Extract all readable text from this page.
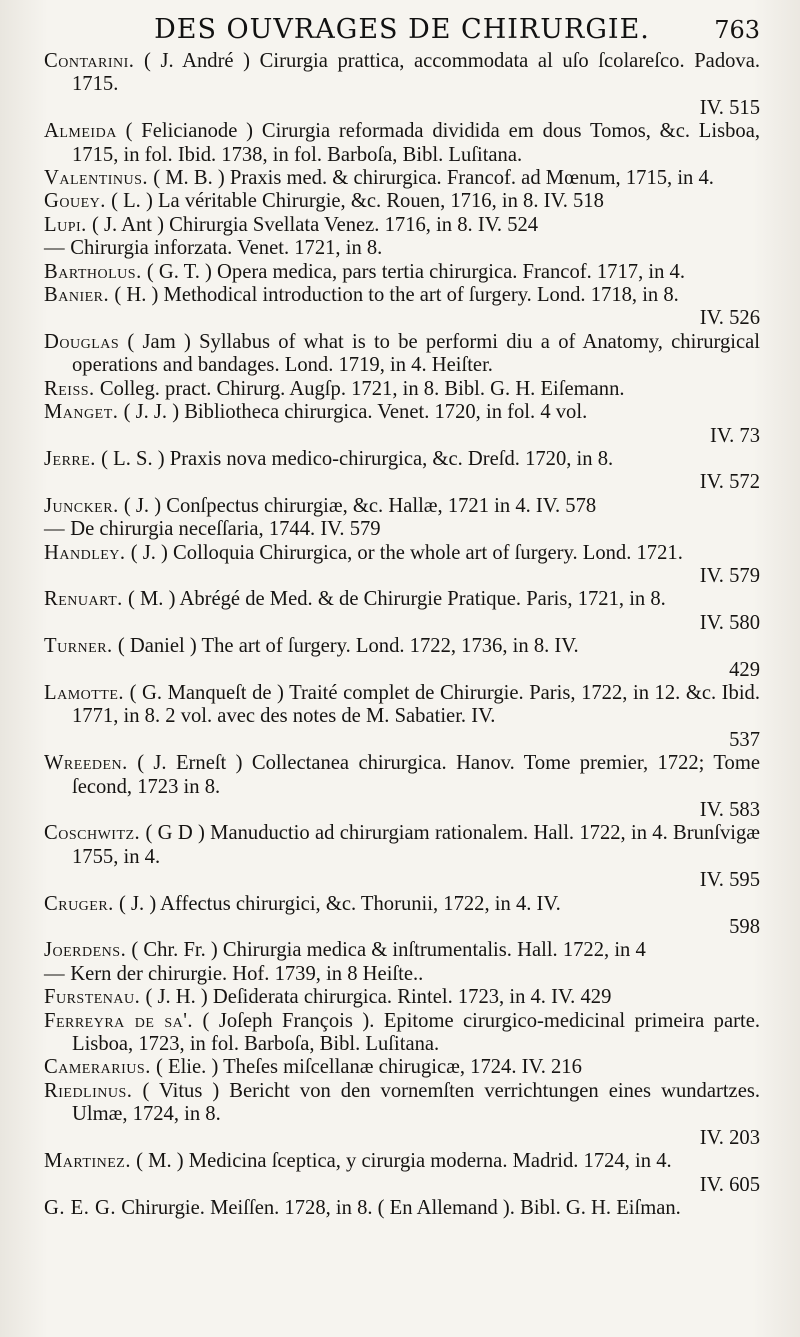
DES OUVRAGES DE CHIRURGIE.	763
Contarini. ( J. André ) Cirurgia prattica, accommodata al uſo ſcolareſco. Padova. 1715.
IV. 515
Almeida ( Felicianode ) Cirurgia reformada dividida em dous Tomos, &c. Lisboa, 1715, in fol. Ibid. 1738, in fol. Barboſa, Bibl. Luſitana.
Valentinus. ( M. B. ) Praxis med. & chirurgica. Francof. ad Mœnum, 1715, in 4.
Gouey. ( L. ) La véritable Chirurgie, &c. Rouen, 1716, in 8. IV. 518
Lupi. ( J. Ant ) Chirurgia Svellata Venez. 1716, in 8. IV. 524
— Chirurgia inforzata. Venet. 1721, in 8.
Bartholus. ( G. T. ) Opera medica, pars tertia chirurgica. Francof. 1717, in 4.
Banier. ( H. ) Methodical introduction to the art of ſurgery. Lond. 1718, in 8.
IV. 526
Douglas ( Jam ) Syllabus of what is to be performi diu a of Anatomy, chirurgical operations and bandages. Lond. 1719, in 4. Heiſter.
Reiss. Colleg. pract. Chirurg. Augſp. 1721, in 8. Bibl. G. H. Eiſemann.
Manget. ( J. J. ) Bibliotheca chirurgica. Venet. 1720, in fol. 4 vol.
IV. 73
Jerre. ( L. S. ) Praxis nova medico-chirurgica, &c. Dreſd. 1720, in 8.
IV. 572
Juncker. ( J. ) Conſpectus chirurgiæ, &c. Hallæ, 1721 in 4. IV. 578
— De chirurgia neceſſaria, 1744. IV. 579
Handley. ( J. ) Colloquia Chirurgica, or the whole art of ſurgery. Lond. 1721.
IV. 579
Renuart. ( M. ) Abrégé de Med. & de Chirurgie Pratique. Paris, 1721, in 8.
IV. 580
Turner. ( Daniel ) The art of ſurgery. Lond. 1722, 1736, in 8. IV.
429
Lamotte. ( G. Manqueſt de ) Traité complet de Chirurgie. Paris, 1722, in 12. &c. Ibid. 1771, in 8. 2 vol. avec des notes de M. Sabatier. IV.
537
Wreeden. ( J. Erneſt ) Collectanea chirurgica. Hanov. Tome premier, 1722; Tome ſecond, 1723 in 8.
IV. 583
Coschwitz. ( G D ) Manuductio ad chirurgiam rationalem. Hall. 1722, in 4. Brunſvigæ 1755, in 4.
IV. 595
Cruger. ( J. ) Affectus chirurgici, &c. Thorunii, 1722, in 4. IV.
598
Joerdens. ( Chr. Fr. ) Chirurgia medica & inſtrumentalis. Hall. 1722, in 4
— Kern der chirurgie. Hof. 1739, in 8 Heiſte..
Furstenau. ( J. H. ) Deſiderata chirurgica. Rintel. 1723, in 4. IV. 429
Ferreyra de sa'. ( Joſeph François ). Epitome cirurgico-medicinal primeira parte. Lisboa, 1723, in fol. Barboſa, Bibl. Luſitana.
Camerarius. ( Elie. ) Theſes miſcellanæ chirugicæ, 1724. IV. 216
Riedlinus. ( Vitus ) Bericht von den vornemſten verrichtungen eines wundartzes. Ulmæ, 1724, in 8.
IV. 203
Martinez. ( M. ) Medicina ſceptica, y cirurgia moderna. Madrid. 1724, in 4.
IV. 605
G. E. G. Chirurgie. Meiſſen. 1728, in 8. ( En Allemand ). Bibl. G. H. Eiſman.
